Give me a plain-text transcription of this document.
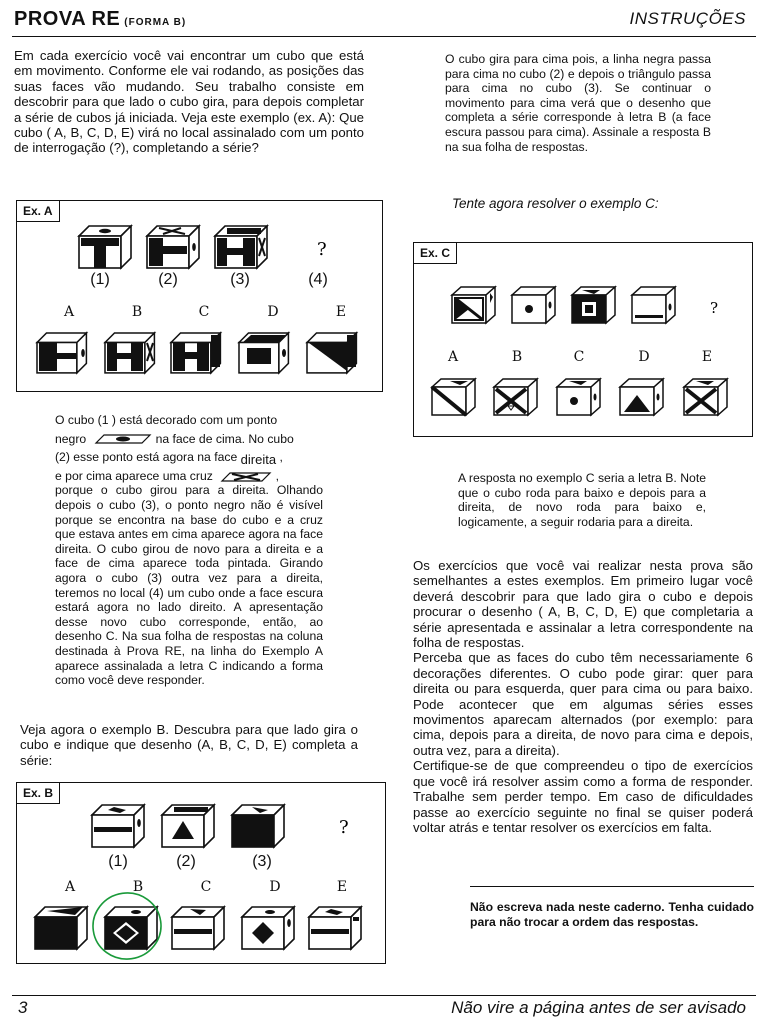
PROVA RE (FORMA B)	INSTRUÇÕES
Em cada exercício você vai encontrar um cubo que está em movimento. Conforme ele vai rodando, as posições das suas faces vão mudando. Seu trabalho consiste em descobrir para que lado o cubo gira, para depois completar a série de cubos já iniciada. Veja este exemplo (ex. A): Que cubo ( A, B, C, D, E) virá no local assinalado com um ponto de interrogação (?), completando a série?
O cubo gira para cima pois, a linha negra passa para cima no cubo (2) e depois o triângulo passa para cima no cubo (3). Se continuar o movimento para cima verá que o desenho que completa a série corresponde à letra B (a face escura passou para cima). Assinale a resposta B na sua folha de respostas.
Tente agora resolver o exemplo C:
Ex. A
?
(1)	(2)	(3)	(4)
A	B	C	D	E
O cubo (1 ) está decorado com um ponto
negro	na face de cima. No cubo
(2) esse ponto está agora na face direita ,
e por cima aparece uma cruz	,
porque o cubo girou para a direita. Olhando depois o cubo (3), o ponto negro não é visível porque se encontra na base do cubo e a cruz que estava antes em cima aparece agora na face direita. O cubo girou de novo para a direita e a face de cima aparece toda pintada. Girando agora o cubo (3) outra vez para a direita, teremos no local (4) um cubo onde a face escura estará agora no lado direito. A apresentação desse novo cubo corresponde, então, ao desenho C. Na sua folha de respostas na coluna destinada à Prova RE, na linha do Exemplo A aparece assinalada a letra C indicando a forma como você deve responder.
Veja agora o exemplo B. Descubra para que lado gira o cubo e indique que desenho (A, B, C, D, E) completa a série:
Ex. B
?
(1)	(2)	(3)
A	B	C	D	E
Ex. C
?
A	B	C	D	E
A resposta no exemplo C seria a letra B. Note que o cubo roda para baixo e depois para a direita, de novo roda para baixo e, logicamente, a seguir rodaria para a direita.
Os exercícios que você vai realizar nesta prova são semelhantes a estes exemplos. Em primeiro lugar você deverá descobrir para que lado gira o cubo e depois procurar o desenho ( A, B, C, D, E) que completaria a série apresentada e assinalar a letra correspondente na folha de respostas.
Perceba que as faces do cubo têm necessariamente 6 decorações diferentes. O cubo pode girar: quer para direita ou para esquerda, quer para cima ou para baixo. Pode acontecer que em algumas séries esses movimentos aparecam alternados (por exemplo: para cima, depois para a direita, de novo para cima e depois, outra vez, para a direita).
Certifique-se de que compreendeu o tipo de exercícios que você irá resolver assim como a forma de responder. Trabalhe sem perder tempo. Em caso de dificuldades passe ao exercício seguinte no final se quiser poderá voltar atrás e tentar resolver os exercícios em falta.
Não escreva nada neste caderno. Tenha cuidado para não trocar a ordem das respostas.
3	Não vire a página antes de ser avisado
